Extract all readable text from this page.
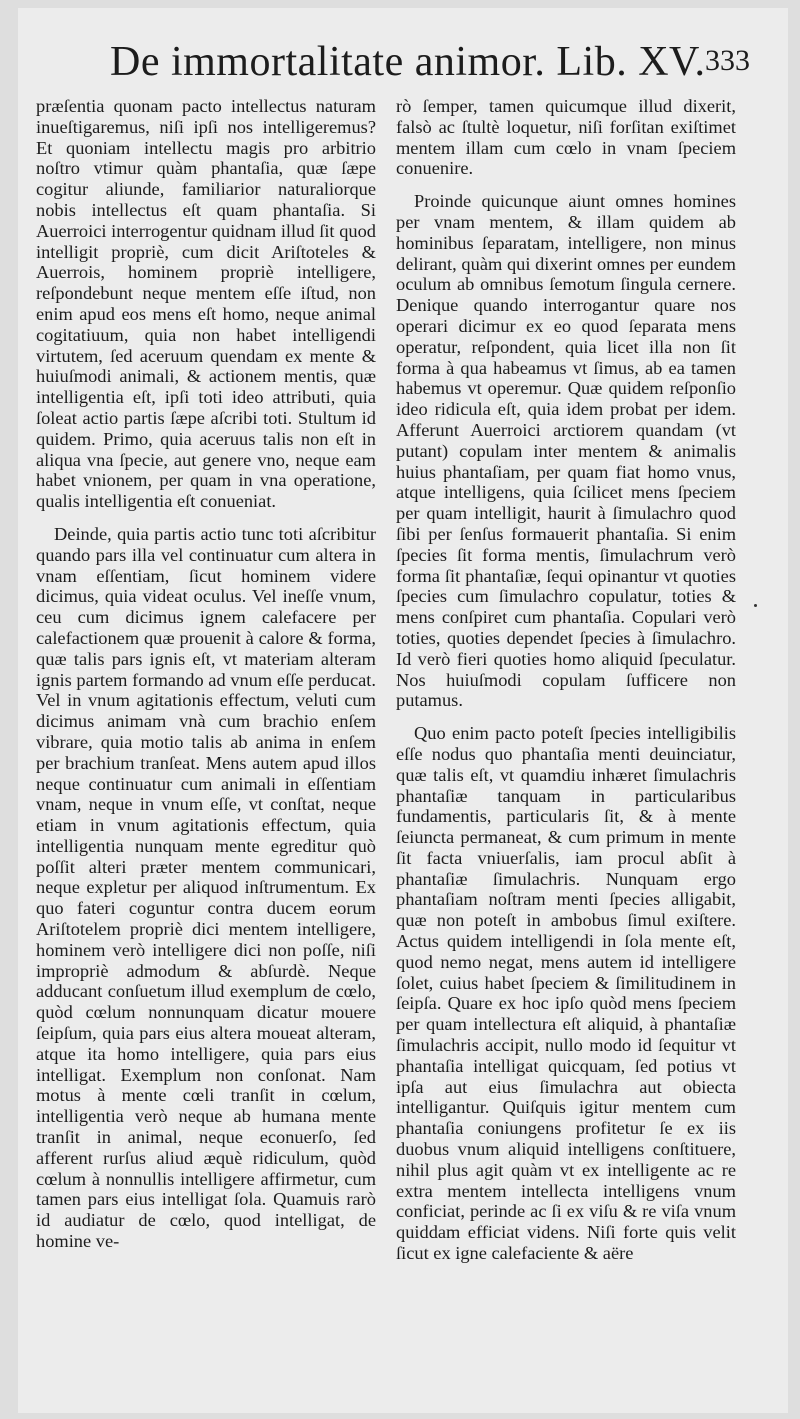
De immortalitate animor. Lib. XV. 333

præſentia quonam pacto intellectus naturam inueſtigaremus, niſi ipſi nos intelligeremus? Et quoniam intellectu magis pro arbitrio noſtro vtimur quàm phantaſia, quæ ſæpe cogitur aliunde, familiarior naturaliorque nobis intellectus eſt quam phantaſia. Si Auerroici interrogentur quidnam illud ſit quod intelligit propriè, cum dicit Ariſtoteles & Auerrois, hominem propriè intelligere, reſpondebunt neque mentem eſſe iſtud, non enim apud eos mens eſt homo, neque animal cogitatiuum, quia non habet intelligendi virtutem, ſed aceruum quendam ex mente & huiuſmodi animali, & actionem mentis, quæ intelligentia eſt, ipſi toti ideo attributi, quia ſoleat actio partis ſæpe aſcribi toti. Stultum id quidem. Primo, quia aceruus talis non eſt in aliqua vna ſpecie, aut genere vno, neque eam habet vnionem, per quam in vna operatione, qualis intelligentia eſt conueniat.

Deinde, quia partis actio tunc toti aſcribitur quando pars illa vel continuatur cum altera in vnam eſſentiam, ſicut hominem videre dicimus, quia videat oculus. Vel ineſſe vnum, ceu cum dicimus ignem calefacere per calefactionem quæ prouenit à calore & forma, quæ talis pars ignis eſt, vt materiam alteram ignis partem formando ad vnum eſſe perducat. Vel in vnum agitationis effectum, veluti cum dicimus animam vnà cum brachio enſem vibrare, quia motio talis ab anima in enſem per brachium tranſeat. Mens autem apud illos neque continuatur cum animali in eſſentiam vnam, neque in vnum eſſe, vt conſtat, neque etiam in vnum agitationis effectum, quia intelligentia nunquam mente egreditur quò poſſit alteri præter mentem communicari, neque expletur per aliquod inſtrumentum. Ex quo fateri coguntur contra ducem eorum Ariſtotelem propriè dici mentem intelligere, hominem verò intelligere dici non poſſe, niſi impropriè admodum & abſurdè. Neque adducant conſuetum illud exemplum de cœlo, quòd cœlum nonnunquam dicatur mouere ſeipſum, quia pars eius altera moueat alteram, atque ita homo intelligere, quia pars eius intelligat. Exemplum non conſonat. Nam motus à mente cœli tranſit in cœlum, intelligentia verò neque ab humana mente tranſit in animal, neque econuerſo, ſed afferent rurſus aliud æquè ridiculum, quòd cœlum à nonnullis intelligere affirmetur, cum tamen pars eius intelligat ſola. Quamuis rarò id audiatur de cœlo, quod intelligat, de homine ve-

rò ſemper, tamen quicumque illud dixerit, falsò ac ſtultè loquetur, niſi forſitan exiſtimet mentem illam cum cœlo in vnam ſpeciem conuenire.

Proinde quicunque aiunt omnes homines per vnam mentem, & illam quidem ab hominibus ſeparatam, intelligere, non minus delirant, quàm qui dixerint omnes per eundem oculum ab omnibus ſemotum ſingula cernere. Denique quando interrogantur quare nos operari dicimur ex eo quod ſeparata mens operatur, reſpondent, quia licet illa non ſit forma à qua habeamus vt ſimus, ab ea tamen habemus vt operemur. Quæ quidem reſponſio ideo ridicula eſt, quia idem probat per idem. Afferunt Auerroici arctiorem quandam (vt putant) copulam inter mentem & animalis huius phantaſiam, per quam fiat homo vnus, atque intelligens, quia ſcilicet mens ſpeciem per quam intelligit, haurit à ſimulachro quod ſibi per ſenſus formauerit phantaſia. Si enim ſpecies ſit forma mentis, ſimulachrum verò forma ſit phantaſiæ, ſequi opinantur vt quoties ſpecies cum ſimulachro copulatur, toties & mens conſpiret cum phantaſia. Copulari verò toties, quoties dependet ſpecies à ſimulachro. Id verò fieri quoties homo aliquid ſpeculatur. Nos huiuſmodi copulam ſufficere non putamus.

Quo enim pacto poteſt ſpecies intelligibilis eſſe nodus quo phantaſia menti deuinciatur, quæ talis eſt, vt quamdiu inhæret ſimulachris phantaſiæ tanquam in particularibus fundamentis, particularis ſit, & à mente ſeiuncta permaneat, & cum primum in mente ſit facta vniuerſalis, iam procul abſit à phantaſiæ ſimulachris. Nunquam ergo phantaſiam noſtram menti ſpecies alligabit, quæ non poteſt in ambobus ſimul exiſtere. Actus quidem intelligendi in ſola mente eſt, quod nemo negat, mens autem id intelligere ſolet, cuius habet ſpeciem & ſimilitudinem in ſeipſa. Quare ex hoc ipſo quòd mens ſpeciem per quam intellectura eſt aliquid, à phantaſiæ ſimulachris accipit, nullo modo id ſequitur vt phantaſia intelligat quicquam, ſed potius vt ipſa aut eius ſimulachra aut obiecta intelligantur. Quiſquis igitur mentem cum phantaſia coniungens profitetur ſe ex iis duobus vnum aliquid intelligens conſtituere, nihil plus agit quàm vt ex intelligente ac re extra mentem intellecta intelligens vnum conficiat, perinde ac ſi ex viſu & re viſa vnum quiddam efficiat videns. Niſi forte quis velit ſicut ex igne calefaciente & aëre
